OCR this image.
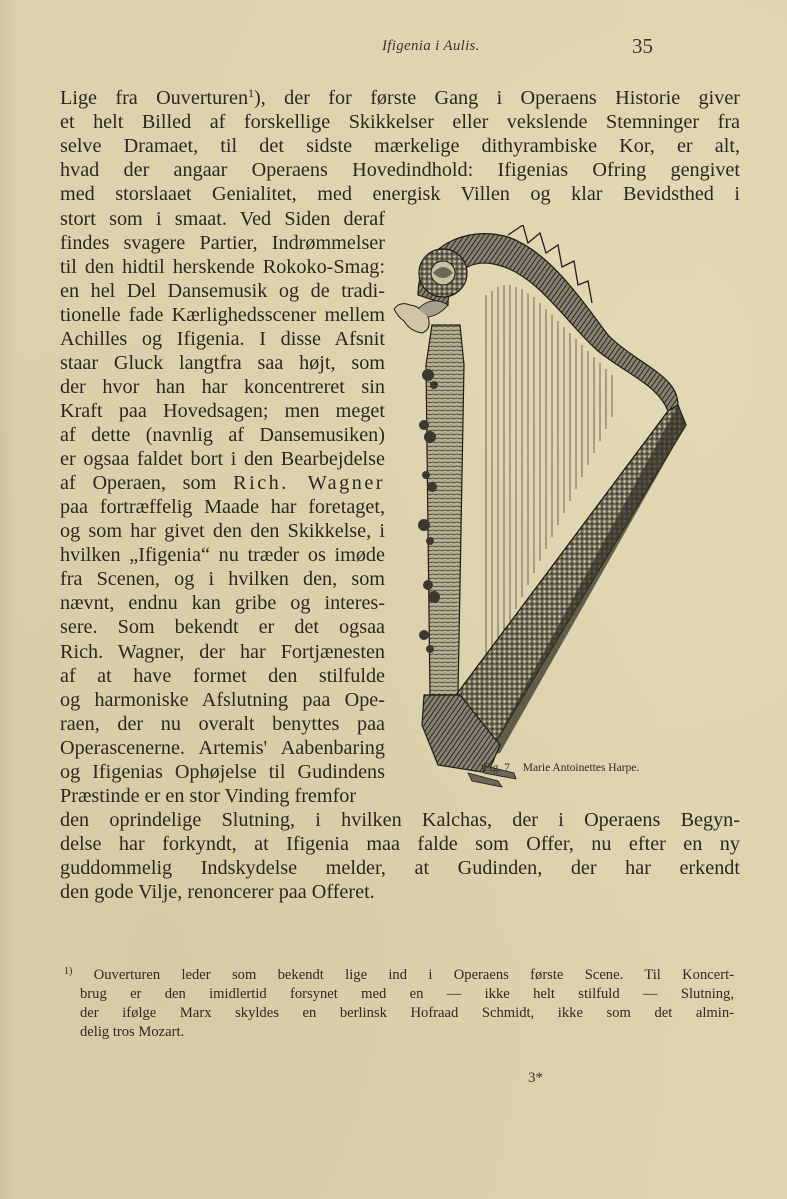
Ifigenia i Aulis.	35
Lige fra Ouverturen$^1$), der for første Gang i Operaens Historie giver
et helt Billed af forskellige Skikkelser eller vekslende Stemninger fra
selve Dramaet, til det sidste mærkelige dithyrambiske Kor, er alt,
hvad der angaar Operaens Hovedindhold: Ifigenias Ofring gengivet
med storslaaet Genialitet, med energisk Villen og klar Bevidsthed i
stort som i smaat. Ved Siden deraf
findes svagere Partier, Indrømmelser
til den hidtil herskende Rokoko-Smag:
en hel Del Dansemusik og de tradi-
tionelle fade Kærlighedsscener mellem
Achilles og Ifigenia. I disse Afsnit
staar Gluck langtfra saa højt, som
der hvor han har koncentreret sin
Kraft paa Hovedsagen; men meget
af dette (navnlig af Dansemusiken)
er ogsaa faldet bort i den Bearbejdelse
af Operaen, som Rich. Wagner
paa fortræffelig Maade har foretaget,
og som har givet den den Skikkelse, i
hvilken „Ifigenia“ nu træder os imøde
fra Scenen, og i hvilken den, som
nævnt, endnu kan gribe og interes-
sere. Som bekendt er det ogsaa
Rich. Wagner, der har Fortjænesten
af at have formet den stilfulde
og harmoniske Afslutning paa Ope-
raen, der nu overalt benyttes paa
Operascenerne. Artemis' Aabenbaring
og Ifigenias Ophøjelse til Gudindens
Præstinde er en stor Vinding fremfor
den oprindelige Slutning, i hvilken Kalchas, der i Operaens Begyn-
delse har forkyndt, at Ifigenia maa falde som Offer, nu efter en ny
guddommelig Indskydelse melder, at Gudinden, der har erkendt
den gode Vilje, renoncerer paa Offeret.
Fig. 7 Marie Antoinettes Harpe.
$^{1)}$ Ouverturen leder som bekendt lige ind i Operaens første Scene. Til Koncert-
brug er den imidlertid forsynet med en — ikke helt stilfuld — Slutning,
der ifølge Marx skyldes en berlinsk Hofraad Schmidt, ikke som det almin-
delig tros Mozart.
3*
